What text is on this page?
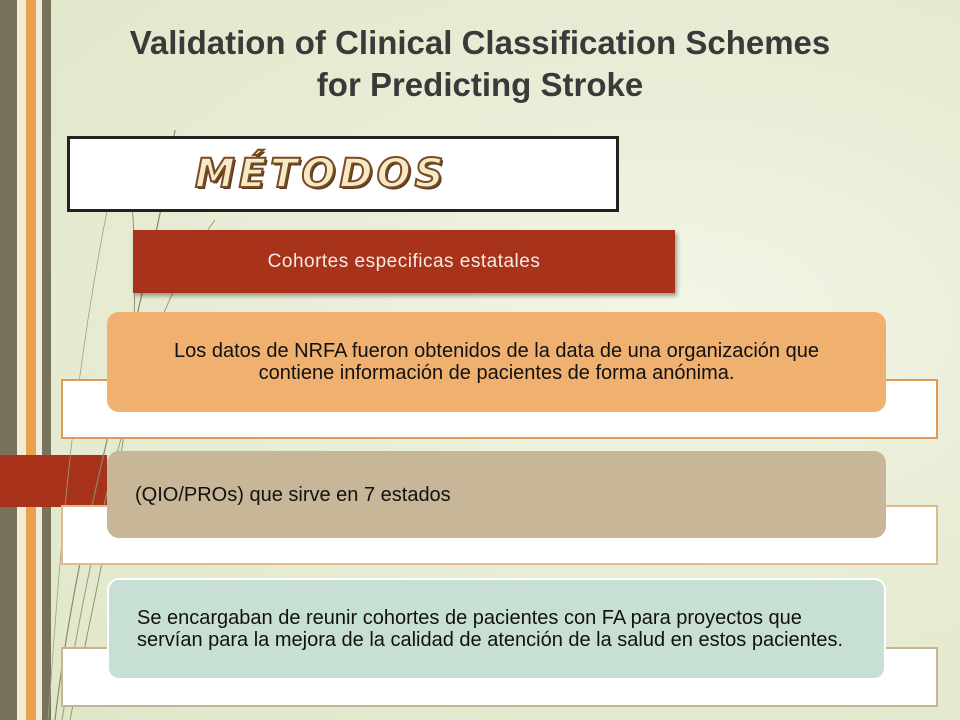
Validation of Clinical Classification Schemes
for Predicting Stroke
MÉTODOS
Cohortes especificas estatales
Los datos de NRFA fueron obtenidos de la data de una organización que contiene información de pacientes de forma anónima.
(QIO/PROs) que sirve en 7 estados
Se encargaban de reunir cohortes de pacientes con FA para proyectos que servían para la mejora de la calidad de atención de la salud en estos pacientes.
